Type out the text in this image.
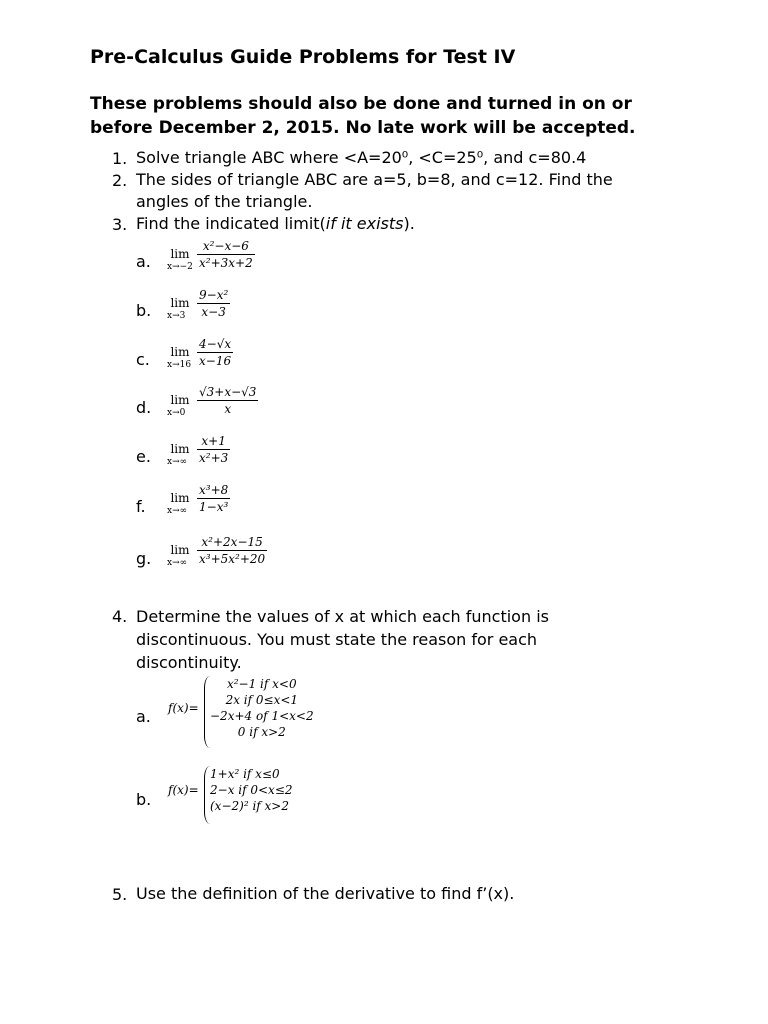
Pre-Calculus Guide Problems for Test IV
These problems should also be done and turned in on or before December 2, 2015. No late work will be accepted.
1. Solve triangle ABC where <A=20⁰, <C=25⁰, and c=80.4
2. The sides of triangle ABC are a=5, b=8, and c=12. Find the
angles of the triangle.
3. Find the indicated limit(if it exists).
a. lim
$x\to-2 \frac{\text{x²−x−6}}{\text{x²+3x+2}}$
b. lim
$x\to 3 \frac{\text{9−x²}}{x-3}$
c. lim
$x\to 16 \frac{4-√x}{x-16}$
d. lim
$x\to 0 \frac{√3+x-√3}{x}$
e. lim
$x\to\infty \frac{x+1}{\text{x²+3}}$
f. lim
$x\to\infty \frac{\text{x³+8}}{\text{1−x³}}$
g. lim
$x\to\infty \frac{\text{x²+2x−15}}{\text{x³+5x²+20}}$
4. Determine the values of x at which each function is
discontinuous. You must state the reason for each
discontinuity.
a. f(x)=
x²−1 if x<0
2x if 0≤x<1
−2x+4 of 1<x<2
0 if x>2
b. f(x)=
1+x² if x≤0
2−x if 0<x≤2
(x−2)² if x>2
5. Use the definition of the derivative to find f’(x).
